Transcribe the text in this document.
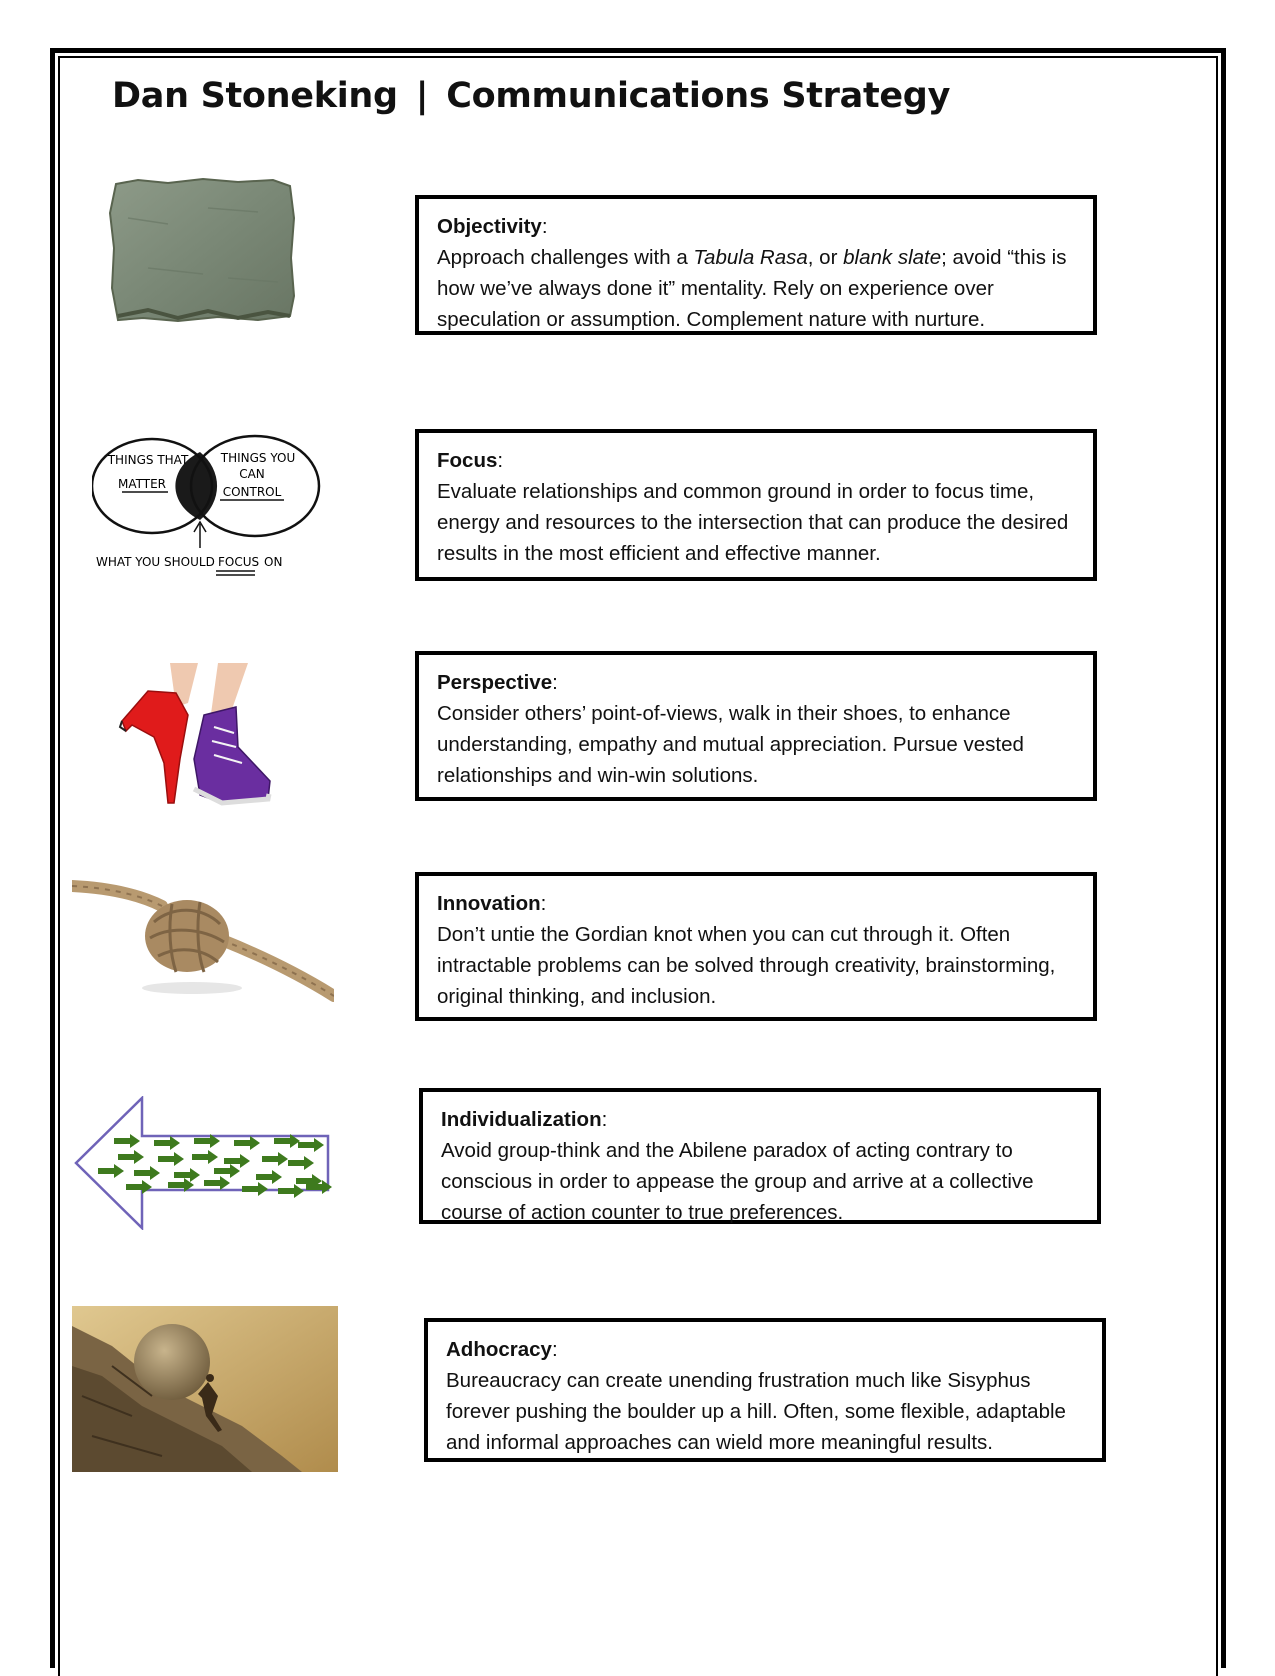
Dan Stoneking | Communications Strategy

Objectivity:
Approach challenges with a Tabula Rasa, or blank slate; avoid “this is how we’ve always done it” mentality. Rely on experience over speculation or assumption. Complement nature with nurture.

THINGS THAT
MATTER
THINGS YOU
CAN
CONTROL
WHAT YOU SHOULD FOCUS ON

Focus:
Evaluate relationships and common ground in order to focus time, energy and resources to the intersection that can produce the desired results in the most efficient and effective manner.

Perspective:
Consider others’ point-of-views, walk in their shoes, to enhance understanding, empathy and mutual appreciation. Pursue vested relationships and win-win solutions.

Innovation:
Don’t untie the Gordian knot when you can cut through it. Often intractable problems can be solved through creativity, brainstorming, original thinking, and inclusion.

Individualization:
Avoid group-think and the Abilene paradox of acting contrary to conscious in order to appease the group and arrive at a collective course of action counter to true preferences.

Adhocracy:
Bureaucracy can create unending frustration much like Sisyphus forever pushing the boulder up a hill. Often, some flexible, adaptable and informal approaches can wield more meaningful results.
